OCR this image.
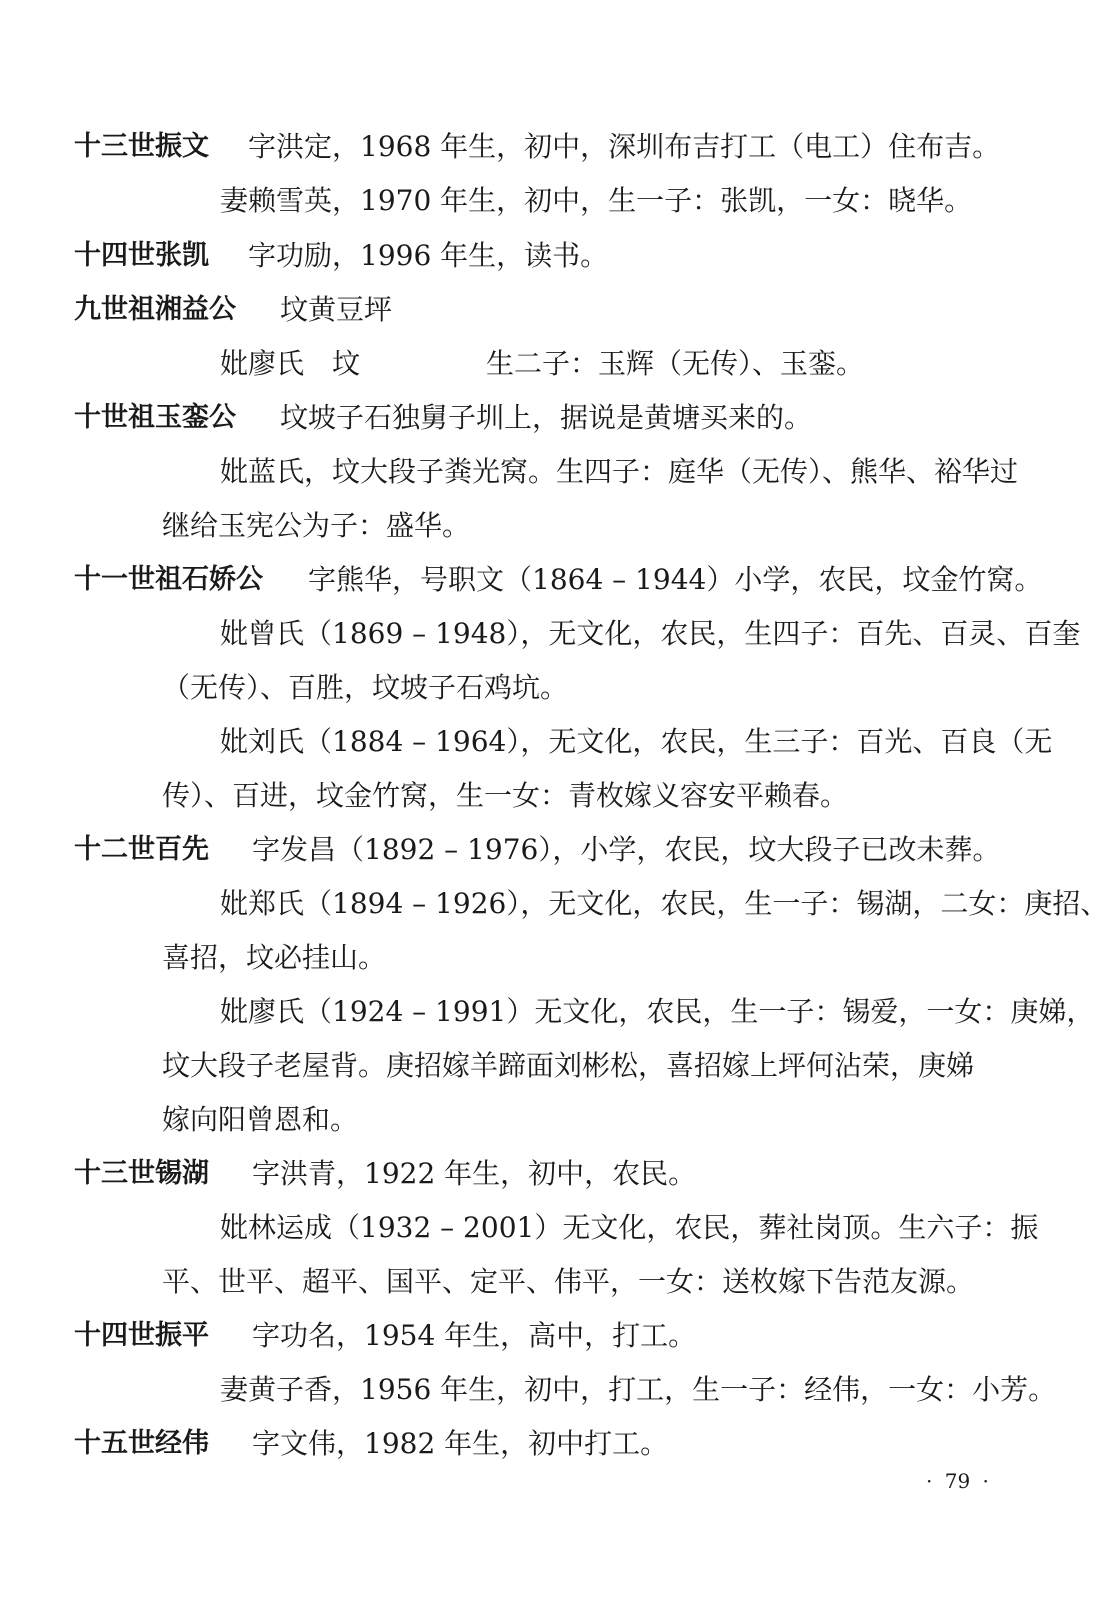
十三世振文 字洪定，1968 年生，初中，深圳布吉打工（电工）住布吉。
妻赖雪英，1970 年生，初中，生一子：张凯，一女：晓华。
十四世张凯 字功励，1996 年生，读书。
九世祖湘益公 坟黄豆坪
妣廖氏　坟	生二子：玉辉（无传）、玉銮。
十世祖玉銮公 坟坡子石独舅子圳上，据说是黄塘买来的。
妣蓝氏，坟大段子粪光窝。生四子：庭华（无传）、熊华、裕华过
继给玉宪公为子：盛华。
十一世祖石娇公 字熊华，号职文（1864 – 1944）小学，农民，坟金竹窝。
妣曾氏（1869 – 1948），无文化，农民，生四子：百先、百灵、百奎
（无传）、百胜，坟坡子石鸡坑。
妣刘氏（1884 – 1964），无文化，农民，生三子：百光、百良（无
传）、百进，坟金竹窝，生一女：青枚嫁义容安平赖春。
十二世百先 字发昌（1892 – 1976），小学，农民，坟大段子已改未葬。
妣郑氏（1894 – 1926），无文化，农民，生一子：锡湖，二女：庚招、
喜招，坟必挂山。
妣廖氏（1924 – 1991）无文化，农民，生一子：锡爱，一女：庚娣，
坟大段子老屋背。庚招嫁羊蹄面刘彬松，喜招嫁上坪何沾荣，庚娣
嫁向阳曾恩和。
十三世锡湖 字洪青，1922 年生，初中，农民。
妣林运成（1932 – 2001）无文化，农民，葬社岗顶。生六子：振
平、世平、超平、国平、定平、伟平，一女：送枚嫁下告范友源。
十四世振平 字功名，1954 年生，高中，打工。
妻黄子香，1956 年生，初中，打工，生一子：经伟，一女：小芳。
十五世经伟 字文伟，1982 年生，初中打工。
· 79 ·
